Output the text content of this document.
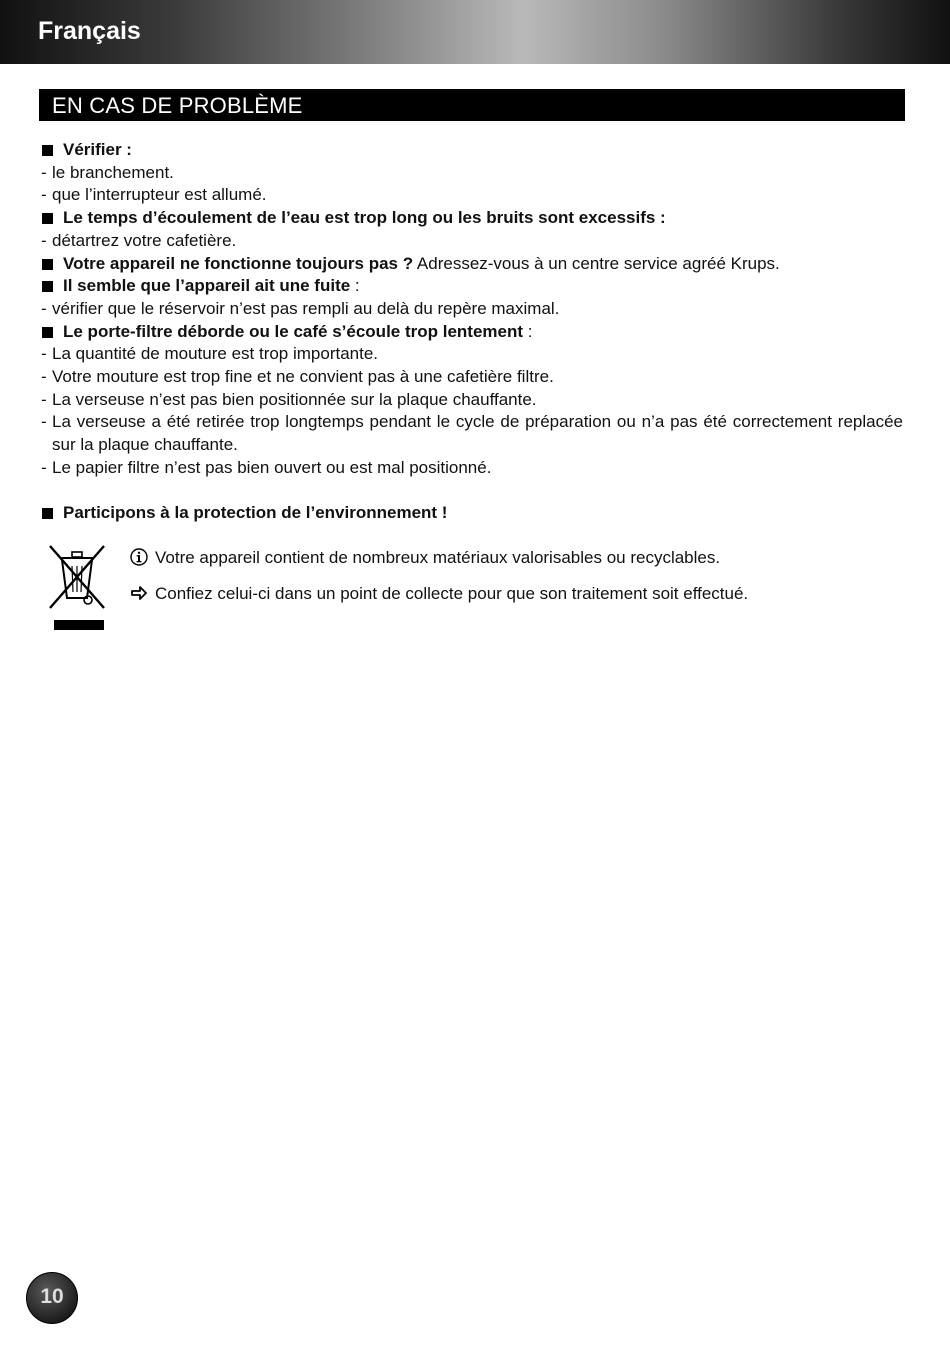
Français
EN CAS DE PROBLÈME
Vérifier :
- le branchement.
- que l’interrupteur est allumé.
Le temps d’écoulement de l’eau est trop long ou les bruits sont excessifs :
- détartrez votre cafetière.
Votre appareil ne fonctionne toujours pas ? Adressez-vous à un centre service agréé Krups.
Il semble que l’appareil ait une fuite :
- vérifier que le réservoir n’est pas rempli au delà du repère maximal.
Le porte-filtre déborde ou le café s’écoule trop lentement :
- La quantité de mouture est trop importante.
- Votre mouture est trop fine et ne convient pas à une cafetière filtre.
- La verseuse n’est pas bien positionnée sur la plaque chauffante.
- La verseuse a été retirée trop longtemps pendant le cycle de préparation ou n’a pas été correctement replacée sur la plaque chauffante.
- Le papier filtre n’est pas bien ouvert ou est mal positionné.
Participons à la protection de l’environnement !
Votre appareil contient de nombreux matériaux valorisables ou recyclables.
Confiez celui-ci dans un point de collecte pour que son traitement soit effectué.
10
